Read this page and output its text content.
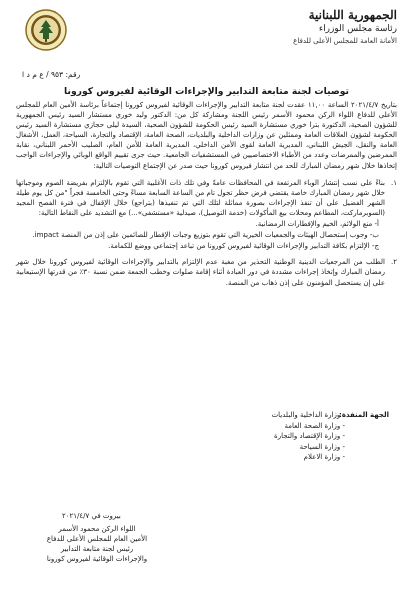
الجمهورية اللبنانية
رئاسة مجلس الوزراء
الأمانة العامة للمجلس الأعلى للدفاع
رقم: ٩٥٣ / ع م د ا
توصيات لجنة متابعة التدابير والإجراءات الوقائية لفيروس كورونا

بتاريخ ٢٠٢١/٤/٧ الساعة ١١,٠٠ عقدت لجنة متابعة التدابير والإجراءات الوقائية لفيروس كورونا إجتماعاً برئاسة الأمين العام للمجلس الأعلى للدفاع اللواء الركن محمود الأسمر رئيس اللجنة ومشاركة كل من: الدكتور وليد خوري مستشار السيد رئيس الجمهورية للشؤون الصحية، الدكتورة بترا خوري مستشارة السيد رئيس الحكومة للشؤون الصحية، السيدة ليلى حجازي مستشارة السيد رئيس الحكومة لشؤون العلاقات العامة وممثلين عن وزارات الداخلية والبلديات، الصحة العامة، الإقتصاد والتجارة، السياحة، العمل، الأشغال العامة والنقل، الجيش اللبناني، المديرية العامة لقوى الأمن الداخلي، المديرية العامة للأمن العام، الصليب الأحمر اللبناني، نقابة الممرضين والممرضات وعدد من الأطباء الاختصاصيين في المستشفيات الجامعية. حيث جرى تقييم الواقع الوبائي والإجراءات الواجب إتخاذها خلال شهر رمضان المبارك للحد من انتشار فيروس كورونا حيث صدر عن الإجتماع التوصيات التالية:

١.
بناءً على نسب إنتشار الوباء المرتفعة في المحافظات عامةً وفي تلك ذات الأغلبية التي تقوم بالإلتزام بفريضة الصوم وموجباتها خلال شهر رمضان المبارك خاصة يقتضي فرض حظر تجول تام من الساعة السابعة مساءً وحتى الخامسة فجراً "من كل يوم طيلة الشهر الفضيل على أن تنفذ الإجراءات بصورة مماثلة لتلك التي تم تنفيذها (بتراجع) خلال الإقفال في فترة الفصح المجيد (السوبرماركت، المطاعم ومحلات بيع المأكولات (خدمة التوصيل)، صيدلية «مستشفى»...) مع التشديد على النقاط التالية:
أ- منع الولائم، الخيم والإفطارات الرمضانية.
ب- وجوب إستحصال الهيئات والجمعيات الخيرية التي تقوم بتوزيع وجبات الإفطار للصائمين على إذن من المنصة impact.
ج- الإلتزام بكافة التدابير والإجراءات الوقائية لفيروس كورونا من تباعد إجتماعي ووضع للكمامة.
٢.
الطلب من المرجعيات الدينية الوطنية التحذير من مغبة عدم الإلتزام بالتدابير والإجراءات الوقائية لفيروس كورونا خلال شهر رمضان المبارك وإتخاذ إجراءات مشددة في دور العبادة أثناء إقامة صلوات وخطب الجمعة ضمن نسبة ٣٠٪ من قدرتها الإستيعابية على إن يستحصل المؤمنون على إذن ذهاب من المنصة.
الجهة المنفذة:
- وزارة الداخلية والبلديات
- وزارة الصحة العامة
- وزارة الإقتصاد والتجارة
- وزارة السياحة
- وزارة الاعلام
بيروت في ٢٠٢١/٤/٧
اللواء الركن محمود الأسمر
الأمين العام للمجلس الأعلى للدفاع
رئيس لجنة متابعة التدابير
والإجراءات الوقائية لفيروس كورونا
